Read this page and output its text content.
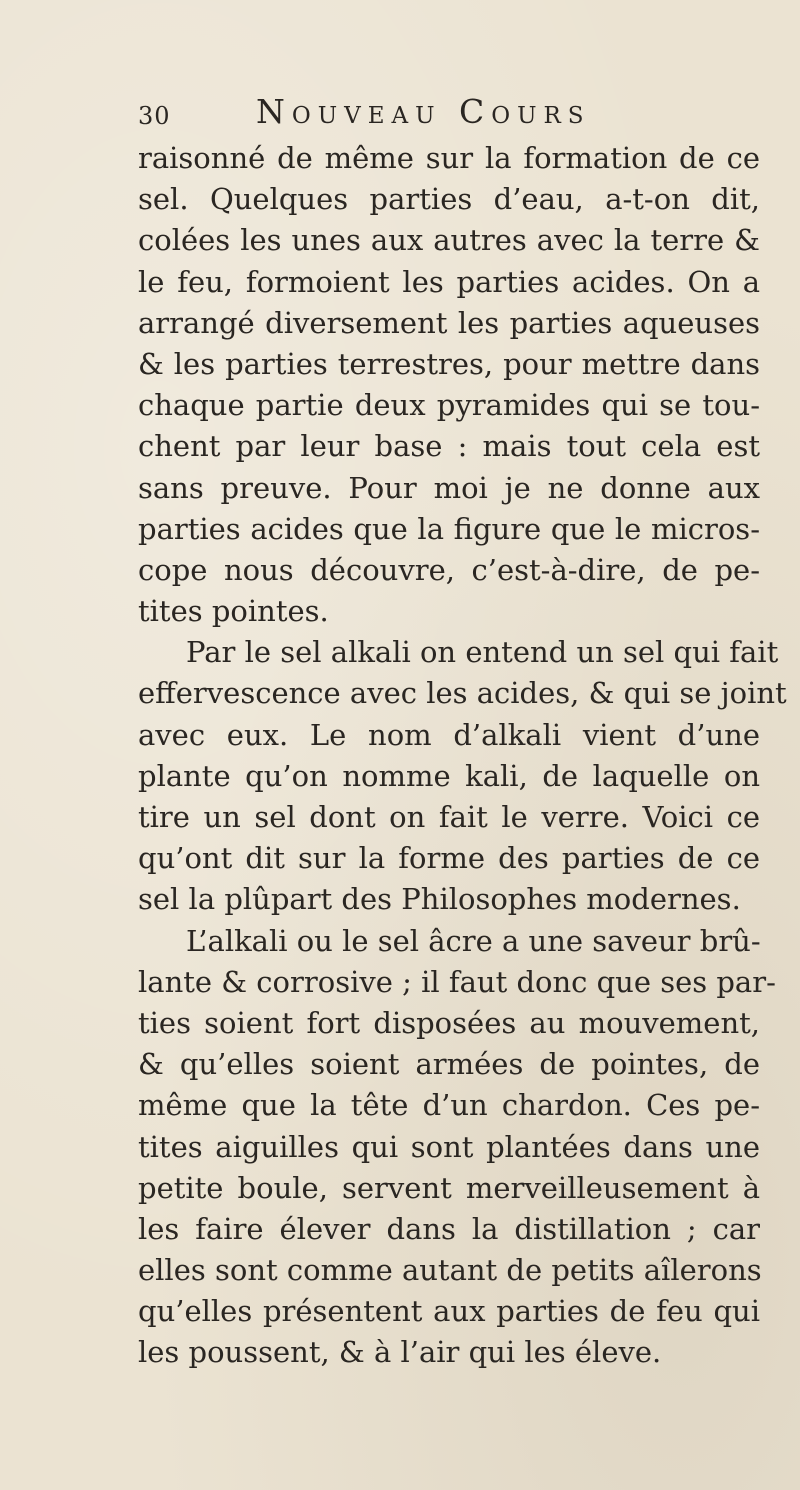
30	Nouveau Cours
raisonné de même sur la formation de ce
sel. Quelques parties d’eau, a-t-on dit,
colées les unes aux autres avec la terre &
le feu, formoient les parties acides. On a
arrangé diversement les parties aqueuses
& les parties terrestres, pour mettre dans
chaque partie deux pyramides qui se tou-
chent par leur base : mais tout cela est
sans preuve. Pour moi je ne donne aux
parties acides que la figure que le micros-
cope nous découvre, c’est-à-dire, de pe-
tites pointes.
Par le sel alkali on entend un sel qui fait
effervescence avec les acides, & qui se joint
avec eux. Le nom d’alkali vient d’une
plante qu’on nomme kali, de laquelle on
tire un sel dont on fait le verre. Voici ce
qu’ont dit sur la forme des parties de ce
sel la plûpart des Philosophes modernes.
L’alkali ou le sel âcre a une saveur brû-
lante & corrosive ; il faut donc que ses par-
ties soient fort disposées au mouvement,
& qu’elles soient armées de pointes, de
même que la tête d’un chardon. Ces pe-
tites aiguilles qui sont plantées dans une
petite boule, servent merveilleusement à
les faire élever dans la distillation ; car
elles sont comme autant de petits aîlerons
qu’elles présentent aux parties de feu qui
les poussent, & à l’air qui les éleve.
